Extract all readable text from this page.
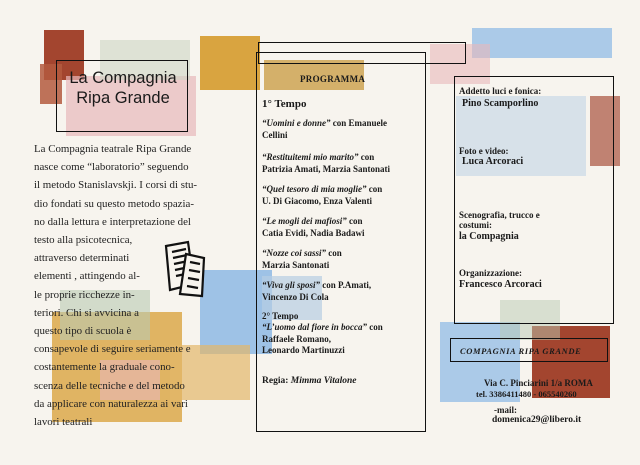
La Compagnia
Ripa Grande
La Compagnia teatrale Ripa Grande
nasce come “laboratorio” seguendo
il metodo Stanislavskji. I corsi di stu-
dio fondati su questo metodo spazia-
no dalla lettura e interpretazione del
testo alla psicotecnica,
attraverso determinati
elementi , attingendo al-
le proprie ricchezze in-
teriori. Chi si avvicina a
questo tipo di scuola è
consapevole di seguire seriamente e
costantemente la graduale cono-
scenza delle tecniche e del metodo
da applicare con naturalezza ai vari
lavori teatrali
PROGRAMMA
1° Tempo
“Uomini e donne” con Emanuele
Cellini
“Restituitemi mio marito” con
Patrizia Amati, Marzia Santonati
“Quel tesoro di mia moglie” con
U. Di Giacomo, Enza Valenti
“Le mogli dei mafiosi” con
Catia Evidi, Nadia Badawi
“Nozze coi sassi” con
Marzia Santonati
“Viva gli sposi” con P.Amati,
Vincenzo Di Cola
2° Tempo
“L’uomo dal fiore in bocca” con
Raffaele Romano,
Leonardo Martinuzzi
Regia: Mimma Vitalone
Addetto luci e fonica:
Pino Scamporlino
Foto e video:
Luca Arcoraci
Scenografia, trucco e
costumi:
la Compagnia
Organizzazione:
Francesco Arcoraci
COMPAGNIA RIPA GRANDE
Via C. Pinciarini 1/a ROMA
tel. 3386411480 - 065540260
-mail:
domenica29@libero.it
